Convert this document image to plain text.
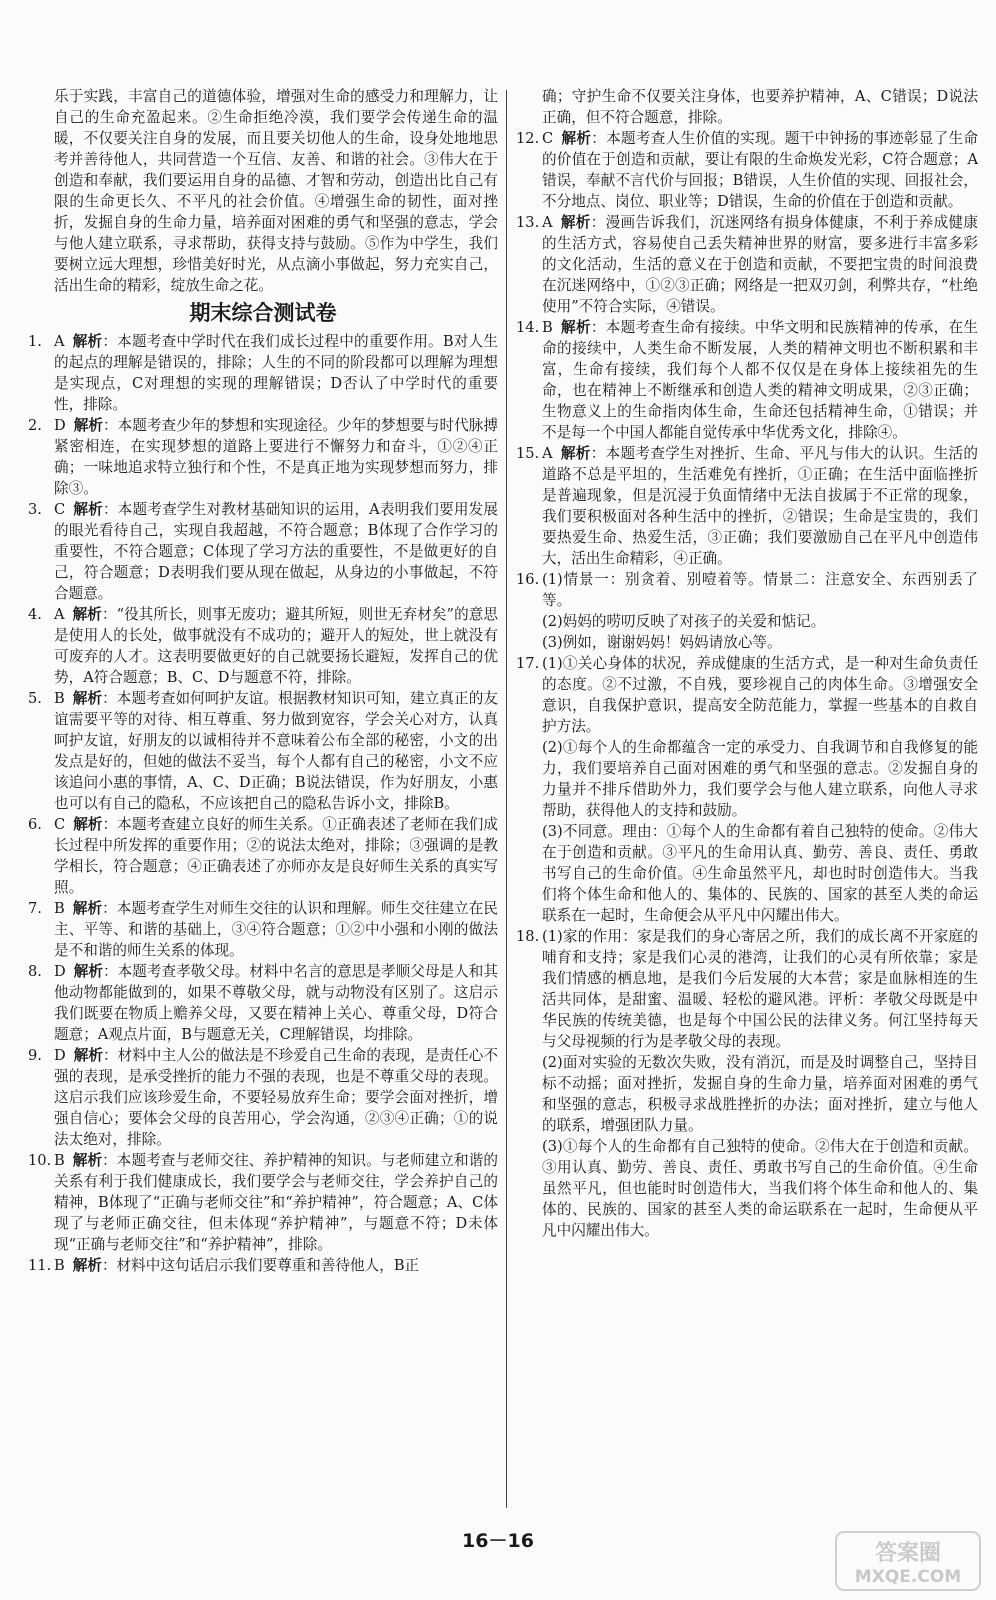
乐于实践，丰富自己的道德体验，增强对生命的感受力和理解力，让自己的生命充盈起来。②生命拒绝冷漠，我们要学会传递生命的温暖，不仅要关注自身的发展，而且要关切他人的生命，设身处地地思考并善待他人，共同营造一个互信、友善、和谐的社会。③伟大在于创造和奉献，我们要运用自身的品德、才智和劳动，创造出比自己有限的生命更长久、不平凡的社会价值。④增强生命的韧性，面对挫折，发掘自身的生命力量，培养面对困难的勇气和坚强的意志，学会与他人建立联系，寻求帮助，获得支持与鼓励。⑤作为中学生，我们要树立远大理想，珍惜美好时光，从点滴小事做起，努力充实自己，活出生命的精彩，绽放生命之花。

期末综合测试卷
1. A 解析：本题考查中学时代在我们成长过程中的重要作用。B对人生的起点的理解是错误的，排除；人生的不同的阶段都可以理解为理想是实现点，C对理想的实现的理解错误；D否认了中学时代的重要性，排除。
2. D 解析：本题考查少年的梦想和实现途径。少年的梦想要与时代脉搏紧密相连，在实现梦想的道路上要进行不懈努力和奋斗，①②④正确；一味地追求特立独行和个性，不是真正地为实现梦想而努力，排除③。
3. C 解析：本题考查学生对教材基础知识的运用，A表明我们要用发展的眼光看待自己，实现自我超越，不符合题意；B体现了合作学习的重要性，不符合题意；C体现了学习方法的重要性，不是做更好的自己，符合题意；D表明我们要从现在做起，从身边的小事做起，不符合题意。
4. A 解析：“役其所长，则事无废功；避其所短，则世无弃材矣”的意思是使用人的长处，做事就没有不成功的；避开人的短处，世上就没有可废弃的人才。这表明要做更好的自己就要扬长避短，发挥自己的优势，A符合题意；B、C、D与题意不符，排除。
5. B 解析：本题考查如何呵护友谊。根据教材知识可知，建立真正的友谊需要平等的对待、相互尊重、努力做到宽容，学会关心对方，认真呵护友谊，好朋友的以诚相待并不意味着公布全部的秘密，小文的出发点是好的，但她的做法不妥当，每个人都有自己的秘密，小文不应该追问小惠的事情，A、C、D正确；B说法错误，作为好朋友，小惠也可以有自己的隐私，不应该把自己的隐私告诉小文，排除B。
6. C 解析：本题考查建立良好的师生关系。①正确表述了老师在我们成长过程中所发挥的重要作用；②的说法太绝对，排除；③强调的是教学相长，符合题意；④正确表述了亦师亦友是良好师生关系的真实写照。
7. B 解析：本题考查学生对师生交往的认识和理解。师生交往建立在民主、平等、和谐的基础上，③④符合题意；①②中小强和小刚的做法是不和谐的师生关系的体现。
8. D 解析：本题考查孝敬父母。材料中名言的意思是孝顺父母是人和其他动物都能做到的，如果不尊敬父母，就与动物没有区别了。这启示我们既要在物质上赡养父母，又要在精神上关心、尊重父母，D符合题意；A观点片面，B与题意无关，C理解错误，均排除。
9. D 解析：材料中主人公的做法是不珍爱自己生命的表现，是责任心不强的表现，是承受挫折的能力不强的表现，也是不尊重父母的表现。这启示我们应该珍爱生命，不要轻易放弃生命；要学会面对挫折，增强自信心；要体会父母的良苦用心，学会沟通，②③④正确；①的说法太绝对，排除。
10. B 解析：本题考查与老师交往、养护精神的知识。与老师建立和谐的关系有利于我们健康成长，我们要学会与老师交往，学会养护自己的精神，B体现了“正确与老师交往”和“养护精神”，符合题意；A、C体现了与老师正确交往，但未体现“养护精神”，与题意不符；D未体现“正确与老师交往”和“养护精神”，排除。
11. B 解析：材料中这句话启示我们要尊重和善待他人，B正

确；守护生命不仅要关注身体，也要养护精神，A、C错误；D说法正确，但不符合题意，排除。

12. C 解析：本题考查人生价值的实现。题干中钟扬的事迹彰显了生命的价值在于创造和贡献，要让有限的生命焕发光彩，C符合题意；A错误，奉献不言代价与回报；B错误，人生价值的实现、回报社会，不分地点、岗位、职业等；D错误，生命的价值在于创造和贡献。
13. A 解析：漫画告诉我们，沉迷网络有损身体健康，不利于养成健康的生活方式，容易使自己丢失精神世界的财富，要多进行丰富多彩的文化活动，生活的意义在于创造和贡献，不要把宝贵的时间浪费在沉迷网络中，①②③正确；网络是一把双刃剑，利弊共存，“杜绝使用”不符合实际，④错误。
14. B 解析：本题考查生命有接续。中华文明和民族精神的传承，在生命的接续中，人类生命不断发展，人类的精神文明也不断积累和丰富，生命有接续，我们每个人都不仅仅是在身体上接续祖先的生命，也在精神上不断继承和创造人类的精神文明成果，②③正确；生物意义上的生命指肉体生命，生命还包括精神生命，①错误；并不是每一个中国人都能自觉传承中华优秀文化，排除④。
15. A 解析：本题考查学生对挫折、生命、平凡与伟大的认识。生活的道路不总是平坦的，生活难免有挫折，①正确；在生活中面临挫折是普遍现象，但是沉浸于负面情绪中无法自拔属于不正常的现象，我们要积极面对各种生活中的挫折，②错误；生命是宝贵的，我们要热爱生命、热爱生活，③正确；我们要激励自己在平凡中创造伟大，活出生命精彩，④正确。
16. (1)情景一：别贪着、别噎着等。情景二：注意安全、东西别丢了等。

(2)妈妈的唠叨反映了对孩子的关爱和惦记。

(3)例如，谢谢妈妈！妈妈请放心等。

17. (1)①关心身体的状况，养成健康的生活方式，是一种对生命负责任的态度。②不过激，不自残，要珍视自己的肉体生命。③增强安全意识，自我保护意识，提高安全防范能力，掌握一些基本的自救自护方法。

(2)①每个人的生命都蕴含一定的承受力、自我调节和自我修复的能力，我们要培养自己面对困难的勇气和坚强的意志。②发掘自身的力量并不排斥借助外力，我们要学会与他人建立联系，向他人寻求帮助，获得他人的支持和鼓励。

(3)不同意。理由：①每个人的生命都有着自己独特的使命。②伟大在于创造和贡献。③平凡的生命用认真、勤劳、善良、责任、勇敢书写自己的生命价值。④生命虽然平凡，却也时时创造伟大。当我们将个体生命和他人的、集体的、民族的、国家的甚至人类的命运联系在一起时，生命便会从平凡中闪耀出伟大。

18. (1)家的作用：家是我们的身心寄居之所，我们的成长离不开家庭的哺育和支持；家是我们心灵的港湾，让我们的心灵有所依靠；家是我们情感的栖息地，是我们今后发展的大本营；家是血脉相连的生活共同体，是甜蜜、温暖、轻松的避风港。评析：孝敬父母既是中华民族的传统美德，也是每个中国公民的法律义务。何江坚持每天与父母视频的行为是孝敬父母的表现。

(2)面对实验的无数次失败，没有消沉，而是及时调整自己，坚持目标不动摇；面对挫折，发掘自身的生命力量，培养面对困难的勇气和坚强的意志，积极寻求战胜挫折的办法；面对挫折，建立与他人的联系，增强团队力量。

(3)①每个人的生命都有自己独特的使命。②伟大在于创造和贡献。③用认真、勤劳、善良、责任、勇敢书写自己的生命价值。④生命虽然平凡，但也能时时创造伟大，当我们将个体生命和他人的、集体的、民族的、国家的甚至人类的命运联系在一起时，生命便从平凡中闪耀出伟大。

16－16	答案圈
MXQE.COM
